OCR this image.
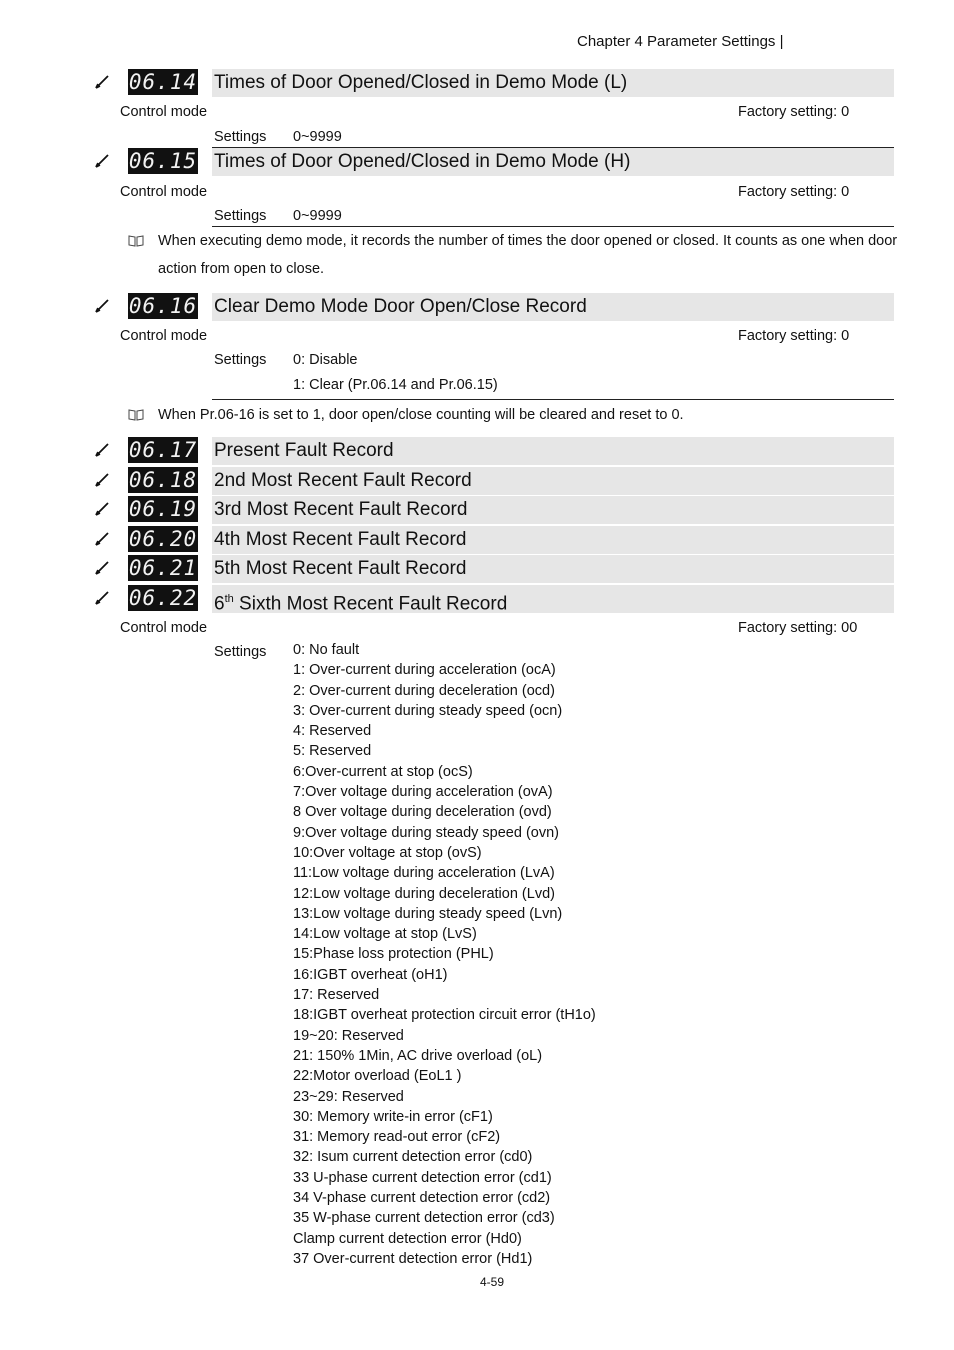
Chapter 4 Parameter Settings |
06.14 Times of Door Opened/Closed in Demo Mode (L)
Control mode	Factory setting: 0
Settings 0~9999
06.15 Times of Door Opened/Closed in Demo Mode (H)
Control mode	Factory setting: 0
Settings 0~9999
When executing demo mode, it records the number of times the door opened or closed. It counts as one when door action from open to close.
06.16 Clear Demo Mode Door Open/Close Record
Control mode	Factory setting: 0
Settings 0: Disable
1: Clear (Pr.06.14 and Pr.06.15)
When Pr.06-16 is set to 1, door open/close counting will be cleared and reset to 0.
06.17 Present Fault Record
06.18 2nd Most Recent Fault Record
06.19 3rd Most Recent Fault Record
06.20 4th Most Recent Fault Record
06.21 5th Most Recent Fault Record
06.22 6th Sixth Most Recent Fault Record
Control mode	Factory setting: 00
Settings 0: No fault
1: Over-current during acceleration (ocA)
2: Over-current during deceleration (ocd)
3: Over-current during steady speed (ocn)
4: Reserved
5: Reserved
6:Over-current at stop (ocS)
7:Over voltage during acceleration (ovA)
8 Over voltage during deceleration (ovd)
9:Over voltage during steady speed (ovn)
10:Over voltage at stop (ovS)
11:Low voltage during acceleration (LvA)
12:Low voltage during deceleration (Lvd)
13:Low voltage during steady speed (Lvn)
14:Low voltage at stop (LvS)
15:Phase loss protection (PHL)
16:IGBT overheat (oH1)
17: Reserved
18:IGBT overheat protection circuit error (tH1o)
19~20: Reserved
21: 150% 1Min, AC drive overload (oL)
22:Motor overload (EoL1 )
23~29: Reserved
30: Memory write-in error (cF1)
31: Memory read-out error (cF2)
32: Isum current detection error (cd0)
33 U-phase current detection error (cd1)
34 V-phase current detection error (cd2)
35 W-phase current detection error (cd3)
Clamp current detection error (Hd0)
37 Over-current detection error (Hd1)
4-59
